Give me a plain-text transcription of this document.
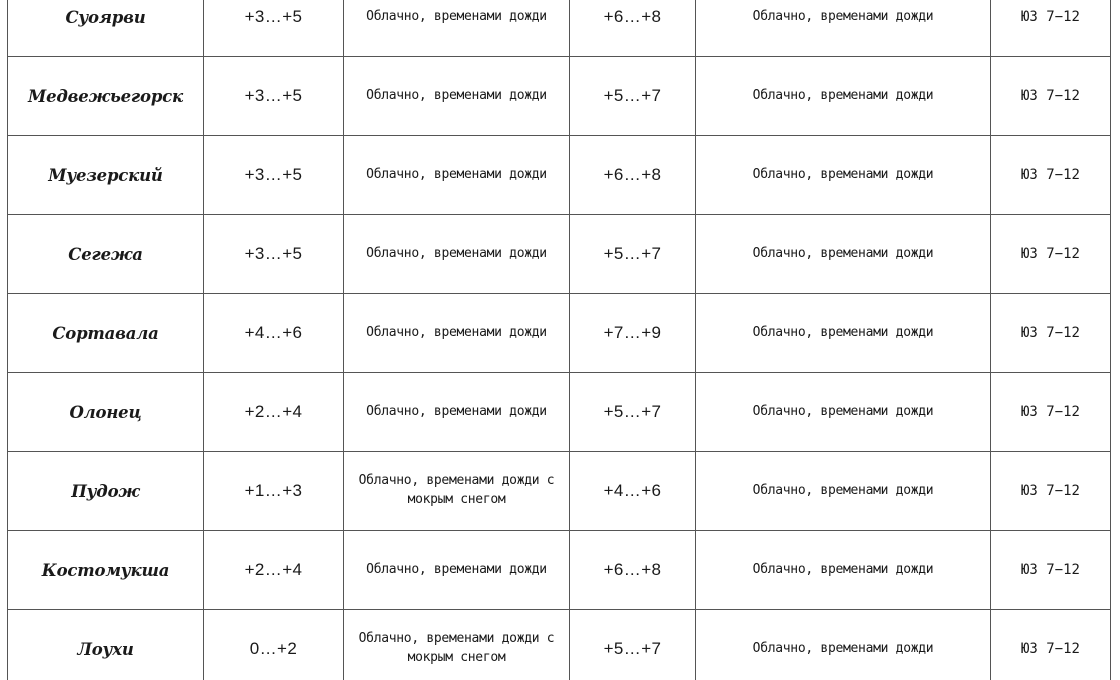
Суоярви	+3…+5	Облачно, временами дожди	+6…+8	Облачно, временами дожди	ЮЗ 7−12
Медвежьегорск	+3…+5	Облачно, временами дожди	+5…+7	Облачно, временами дожди	ЮЗ 7−12
Муезерский	+3…+5	Облачно, временами дожди	+6…+8	Облачно, временами дожди	ЮЗ 7−12
Сегежа	+3…+5	Облачно, временами дожди	+5…+7	Облачно, временами дожди	ЮЗ 7−12
Сортавала	+4…+6	Облачно, временами дожди	+7…+9	Облачно, временами дожди	ЮЗ 7−12
Олонец	+2…+4	Облачно, временами дожди	+5…+7	Облачно, временами дожди	ЮЗ 7−12
Пудож	+1…+3	Облачно, временами дожди с мокрым снегом	+4…+6	Облачно, временами дожди	ЮЗ 7−12
Костомукша	+2…+4	Облачно, временами дожди	+6…+8	Облачно, временами дожди	ЮЗ 7−12
Лоухи	0…+2	Облачно, временами дожди с мокрым снегом	+5…+7	Облачно, временами дожди	ЮЗ 7−12
